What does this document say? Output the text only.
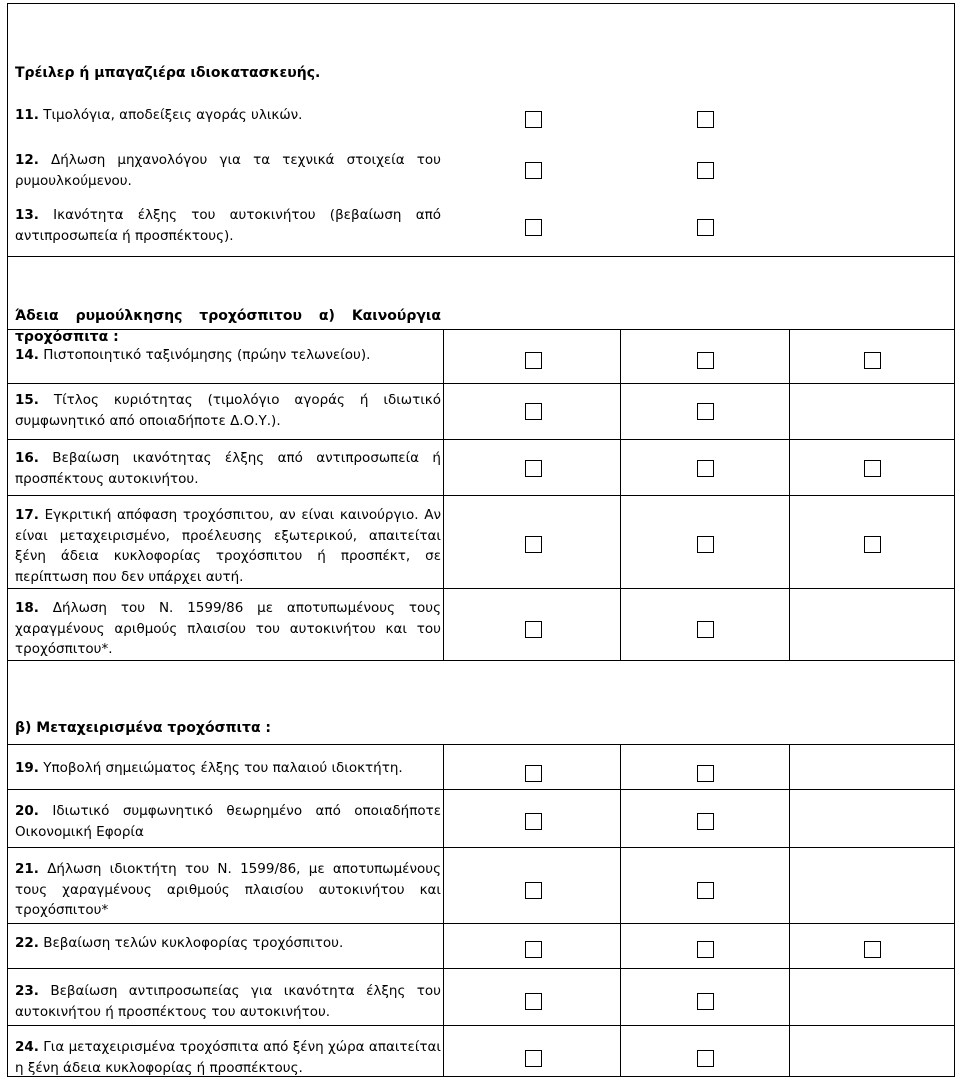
Τρέιλερ ή μπαγαζιέρα ιδιοκατασκευής.

Άδεια ρυμούλκησης τροχόσπιτου α) Καινούργια τροχόσπιτα :

β) Μεταχειρισμένα τροχόσπιτα :

11. Τιμολόγια, αποδείξεις αγοράς υλικών.

12. Δήλωση μηχανολόγου για τα τεχνικά στοιχεία του ρυμουλκούμενου.

13. Ικανότητα έλξης του αυτοκινήτου (βεβαίωση από αντιπροσωπεία ή προσπέκτους).

14. Πιστοποιητικό ταξινόμησης (πρώην τελωνείου).

15. Τίτλος κυριότητας (τιμολόγιο αγοράς ή ιδιωτικό συμφωνητικό από οποιαδήποτε Δ.Ο.Υ.).

16. Βεβαίωση ικανότητας έλξης από αντιπροσωπεία ή προσπέκτους αυτοκινήτου.

17. Εγκριτική απόφαση τροχόσπιτου, αν είναι καινούργιο. Αν είναι μεταχειρισμένο, προέλευσης εξωτερικού, απαιτείται ξένη άδεια κυκλοφορίας τροχόσπιτου ή προσπέκτ, σε περίπτωση που δεν υπάρχει αυτή.

18. Δήλωση του Ν. 1599/86 με αποτυπωμένους τους χαραγμένους αριθμούς πλαισίου του αυτοκινήτου και του τροχόσπιτου*.

19. Υποβολή σημειώματος έλξης του παλαιού ιδιοκτήτη.

20. Ιδιωτικό συμφωνητικό θεωρημένο από οποιαδήποτε Οικονομική Εφορία

21. Δήλωση ιδιοκτήτη του Ν. 1599/86, με αποτυπωμένους τους χαραγμένους αριθμούς πλαισίου αυτοκινήτου και τροχόσπιτου*

22. Βεβαίωση τελών κυκλοφορίας τροχόσπιτου.

23. Βεβαίωση αντιπροσωπείας για ικανότητα έλξης του αυτοκινήτου ή προσπέκτους του αυτοκινήτου.

24. Για μεταχειρισμένα τροχόσπιτα από ξένη χώρα απαιτείται η ξένη άδεια κυκλοφορίας ή προσπέκτους.
